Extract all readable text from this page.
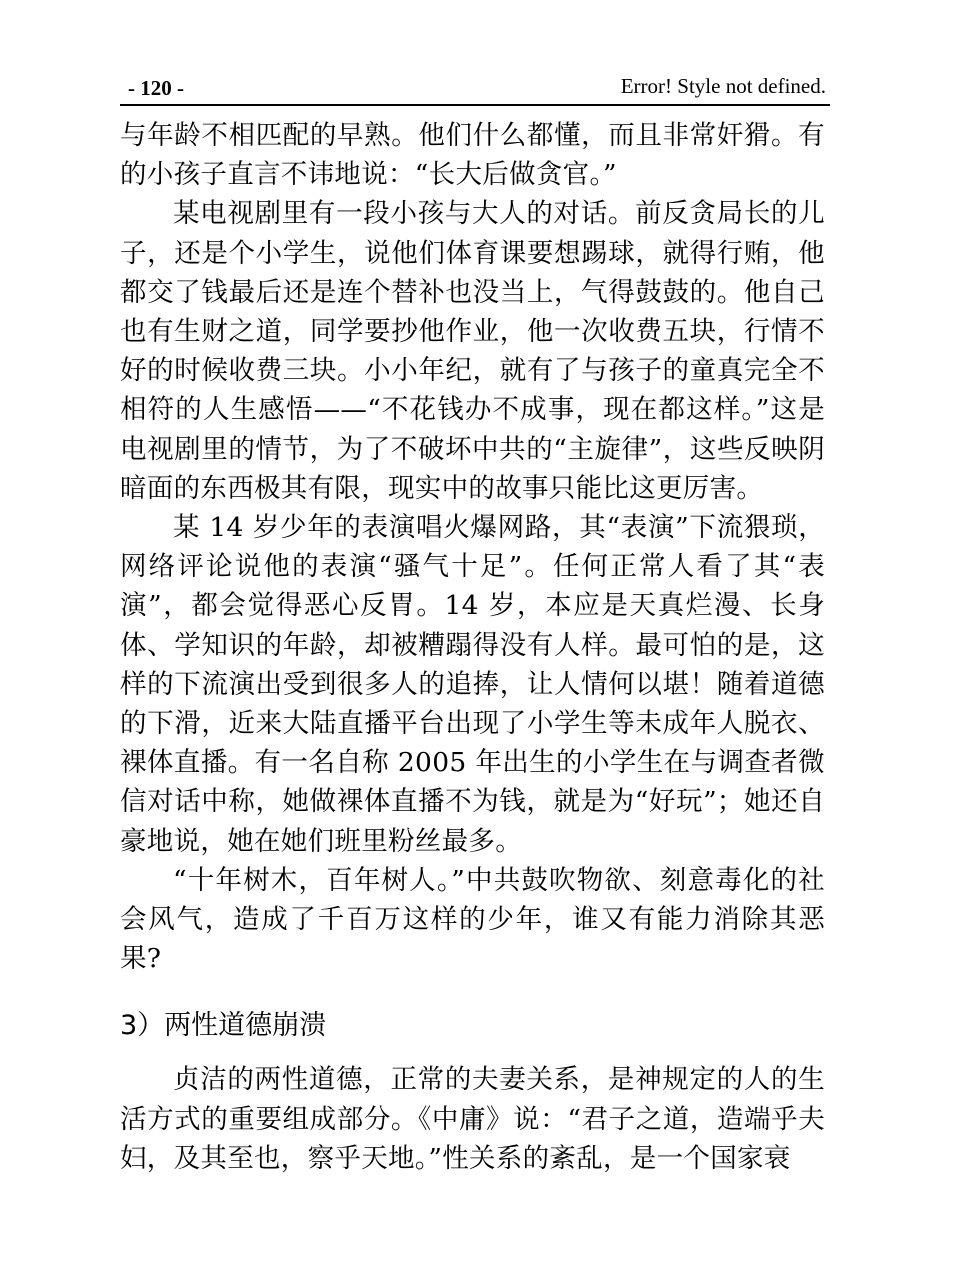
- 120 -	Error! Style not defined.

与年龄不相匹配的早熟。他们什么都懂，而且非常奸猾。有的小孩子直言不讳地说：“长大后做贪官。”

某电视剧里有一段小孩与大人的对话。前反贪局长的儿子，还是个小学生，说他们体育课要想踢球，就得行贿，他都交了钱最后还是连个替补也没当上，气得鼓鼓的。他自己也有生财之道，同学要抄他作业，他一次收费五块，行情不好的时候收费三块。小小年纪，就有了与孩子的童真完全不相符的人生感悟——“不花钱办不成事，现在都这样。”这是电视剧里的情节，为了不破坏中共的“主旋律”，这些反映阴暗面的东西极其有限，现实中的故事只能比这更厉害。

某 14 岁少年的表演唱火爆网路，其“表演”下流猥琐，网络评论说他的表演“骚气十足”。任何正常人看了其“表演”，都会觉得恶心反胃。14 岁，本应是天真烂漫、长身体、学知识的年龄，却被糟蹋得没有人样。最可怕的是，这样的下流演出受到很多人的追捧，让人情何以堪！随着道德的下滑，近来大陆直播平台出现了小学生等未成年人脱衣、裸体直播。有一名自称 2005 年出生的小学生在与调查者微信对话中称，她做裸体直播不为钱，就是为“好玩”；她还自豪地说，她在她们班里粉丝最多。

“十年树木，百年树人。”中共鼓吹物欲、刻意毒化的社会风气，造成了千百万这样的少年，谁又有能力消除其恶果?

3）两性道德崩溃

贞洁的两性道德，正常的夫妻关系，是神规定的人的生活方式的重要组成部分。《中庸》说：“君子之道，造端乎夫妇，及其至也，察乎天地。”性关系的紊乱，是一个国家衰
